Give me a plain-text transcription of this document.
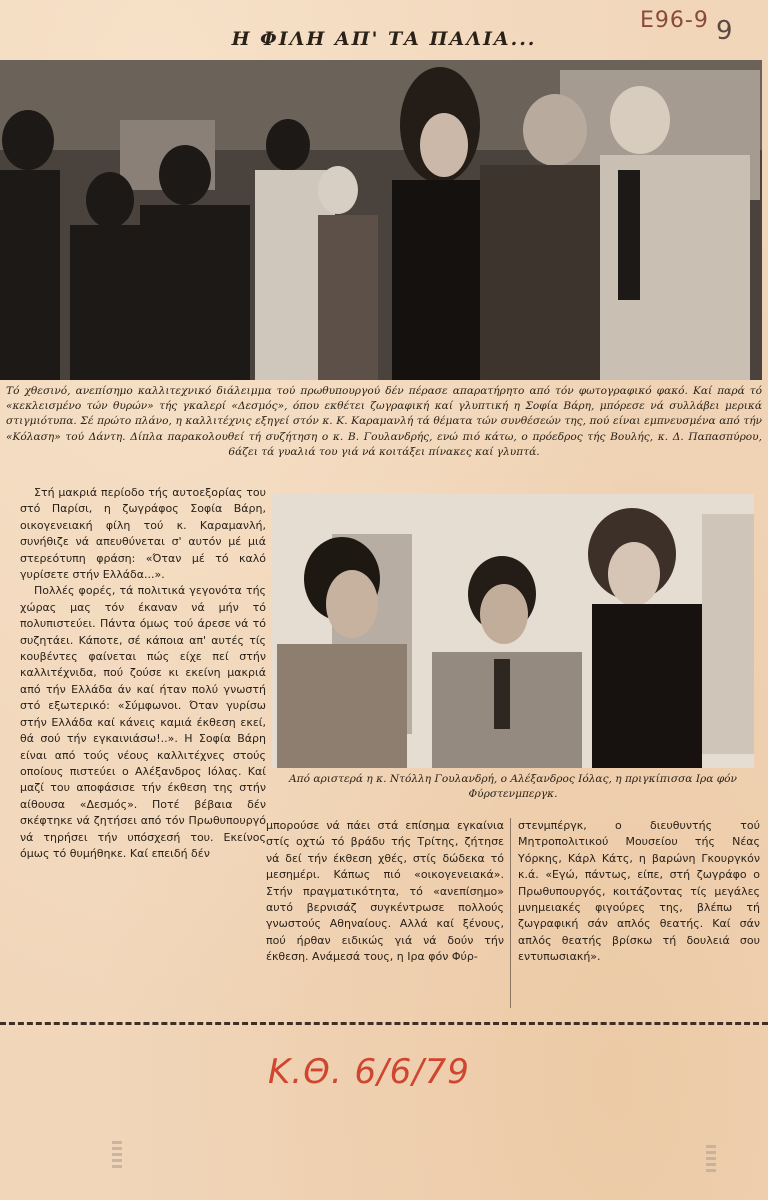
E96-9 9
Η ΦΙΛΗ ΑΠ' ΤΑ ΠΑΛΙΑ...

Τό χθεσινό, ανεπίσημο καλλιτεχνικό διάλειμμα τού πρωθυπουργού δέν πέρασε απαρατήρητο από τόν φωτογραφικό φακό. Καί παρά τό «κεκλεισμένο τών θυρών» τής γκαλερί «Δεσμός», όπου εκθέτει ζωγραφική καί γλυπτική η Σοφία Βάρη, μπόρεσε νά συλλάβει μερικά στιγμιότυπα. Σέ πρώτο πλάνο, η καλλιτέχνις εξηγεί στόν κ. Κ. Καραμανλή τά θέματα τών συνθέσεών της, πού είναι εμπνευσμένα από τήν «Κόλαση» τού Δάντη. Δίπλα παρακολουθεί τή συζήτηση ο κ. Β. Γουλανδρής, ενώ πιό κάτω, ο πρόεδρος τής Βουλής, κ. Δ. Παπασπύρου, 6άζει τά γυαλιά του γιά νά κοιτάξει πίνακες καί γλυπτά.

Στή μακριά περίοδο τής αυτοεξορίας του στό Παρίσι, η ζωγράφος Σοφία Βάρη, οικογενειακή φίλη τού κ. Καραμανλή, συνήθιζε νά απευθύνεται σ' αυτόν μέ μιά στερεότυπη φράση: «Όταν μέ τό καλό γυρίσετε στήν Ελλάδα...».

Πολλές φορές, τά πολιτικά γεγονότα τής χώρας μας τόν έκαναν νά μήν τό πολυπιστεύει. Πάντα όμως τού άρεσε νά τό συζητάει. Κάποτε, σέ κάποια απ' αυτές τίς κουβέντες φαίνεται πώς είχε πεί στήν καλλιτέχνιδα, πού ζούσε κι εκείνη μακριά από τήν Ελλάδα άν καί ήταν πολύ γνωστή στό εξωτερικό: «Σύμφωνοι. Όταν γυρίσω στήν Ελλάδα καί κάνεις καμιά έκθεση εκεί, θά σού τήν εγκαινιάσω!..». Η Σοφία Βάρη είναι από τούς νέους καλλιτέχνες στούς οποίους πιστεύει ο Αλέξανδρος Ιόλας. Καί μαζί του αποφάσισε τήν έκθεση της στήν αίθουσα «Δεσμός». Ποτέ βέβαια δέν σκέφτηκε νά ζητήσει από τόν Πρωθυπουργό νά τηρήσει τήν υπόσχεσή του. Εκείνος όμως τό θυμήθηκε. Καί επειδή δέν

Από αριστερά η κ. Ντόλλη Γουλανδρή, ο Αλέξανδρος Ιόλας, η πριγκίπισσα Ιρα φόν Φύρστενμπεργκ.

μπορούσε νά πάει στά επίσημα εγκαίνια στίς οχτώ τό βράδυ τής Τρίτης, ζήτησε νά δεί τήν έκθεση χθές, στίς δώδεκα τό μεσημέρι. Κάπως πιό «οικογενειακά». Στήν πραγματικότητα, τό «ανεπίσημο» αυτό βερνισάζ συγκέντρωσε πολλούς γνωστούς Αθηναίους. Αλλά καί ξένους, πού ήρθαν ειδικώς γιά νά δούν τήν έκθεση. Ανάμεσά τους, η Ιρα φόν Φύρ-

στενμπέργκ, ο διευθυντής τού Μητροπολιτικού Μουσείου τής Νέας Υόρκης, Κάρλ Κάτς, η βαρώνη Γκουργκόν κ.ά. «Εγώ, πάντως, είπε, στή ζωγράφο ο Πρωθυπουργός, κοιτάζοντας τίς μεγάλες μνημειακές φιγούρες της, βλέπω τή ζωγραφική σάν απλός θεατής. Καί σάν απλός θεατής βρίσκω τή δουλειά σου εντυπωσιακή».

Κ.Θ. 6/6/79
